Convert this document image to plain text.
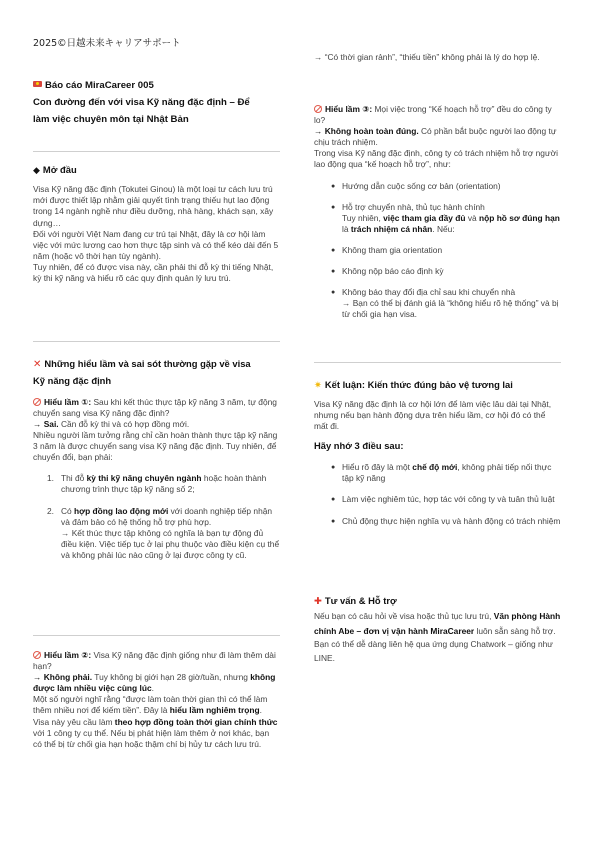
2025©日越未来キャリアサポート

Báo cáo MiraCareer 005

Con đường đến với visa Kỹ năng đặc định – Để

làm việc chuyên môn tại Nhật Bản

◆ Mở đầu

Visa Kỹ năng đặc định (Tokutei Ginou) là một loại tư cách lưu trú mới được thiết lập nhằm giải quyết tình trạng thiếu hụt lao động trong 14 ngành nghề như điều dưỡng, nhà hàng, khách sạn, xây dựng…

Đối với người Việt Nam đang cư trú tại Nhật, đây là cơ hội làm việc với mức lương cao hơn thực tập sinh và có thể kéo dài đến 5 năm (hoặc vô thời hạn tùy ngành).

Tuy nhiên, để có được visa này, cần phải thi đỗ kỳ thi tiếng Nhật, kỳ thi kỹ năng và hiểu rõ các quy định quản lý lưu trú.

✕ Những hiểu lầm và sai sót thường gặp về visa

Kỹ năng đặc định

Hiểu lầm ①: Sau khi kết thúc thực tập kỹ năng 3 năm, tự động chuyển sang visa Kỹ năng đặc định?

→ Sai. Cần đỗ kỳ thi và có hợp đồng mới.

Nhiều người lầm tưởng rằng chỉ cần hoàn thành thực tập kỹ năng 3 năm là được chuyển sang visa Kỹ năng đặc định. Tuy nhiên, để chuyển đổi, bạn phải:

1. Thi đỗ kỳ thi kỹ năng chuyên ngành hoặc hoàn thành chương trình thực tập kỹ năng số 2;
2. Có hợp đồng lao động mới với doanh nghiệp tiếp nhận và đảm bảo có hệ thống hỗ trợ phù hợp.

→ Kết thúc thực tập không có nghĩa là bạn tự động đủ điều kiện. Việc tiếp tục ở lại phụ thuộc vào điều kiện cụ thể và không phải lúc nào cũng ở lại được công ty cũ.

Hiểu lầm ②: Visa Kỹ năng đặc định giống như đi làm thêm dài hạn?

→ Không phải. Tuy không bị giới hạn 28 giờ/tuần, nhưng không được làm nhiều việc cùng lúc.

Một số người nghĩ rằng “được làm toàn thời gian thì có thể làm thêm nhiều nơi để kiếm tiền”. Đây là hiểu lầm nghiêm trọng.

Visa này yêu cầu làm theo hợp đồng toàn thời gian chính thức với 1 công ty cụ thể. Nếu bị phát hiện làm thêm ở nơi khác, bạn có thể bị từ chối gia hạn hoặc thậm chí bị hủy tư cách lưu trú.

→ “Có thời gian rảnh”, “thiếu tiền” không phải là lý do hợp lệ.

Hiểu lầm ③: Mọi việc trong “Kế hoạch hỗ trợ” đều do công ty lo?

→ Không hoàn toàn đúng. Có phần bắt buộc người lao động tự chịu trách nhiệm.

Trong visa Kỹ năng đặc định, công ty có trách nhiệm hỗ trợ người lao động qua “kế hoạch hỗ trợ”, như:

● Hướng dẫn cuộc sống cơ bản (orientation)
● Hỗ trợ chuyển nhà, thủ tục hành chính

Tuy nhiên, việc tham gia đầy đủ và nộp hồ sơ đúng hạn là trách nhiệm cá nhân. Nếu:

● Không tham gia orientation
● Không nộp báo cáo định kỳ
● Không báo thay đổi địa chỉ sau khi chuyển nhà

→ Bạn có thể bị đánh giá là “không hiểu rõ hệ thống” và bị từ chối gia hạn visa.

✷ Kết luận: Kiến thức đúng bảo vệ tương lai

Visa Kỹ năng đặc định là cơ hội lớn để làm việc lâu dài tại Nhật, nhưng nếu bạn hành động dựa trên hiểu lầm, cơ hội đó có thể mất đi.

Hãy nhớ 3 điều sau:

● Hiểu rõ đây là một chế độ mới, không phải tiếp nối thực tập kỹ năng
● Làm việc nghiêm túc, hợp tác với công ty và tuân thủ luật
● Chủ động thực hiện nghĩa vụ và hành động có trách nhiệm

✚ Tư vấn & Hỗ trợ

Nếu bạn có câu hỏi về visa hoặc thủ tục lưu trú, Văn phòng Hành chính Abe – đơn vị vận hành MiraCareer luôn sẵn sàng hỗ trợ.

Bạn có thể dễ dàng liên hệ qua ứng dụng Chatwork – giống như LINE.
